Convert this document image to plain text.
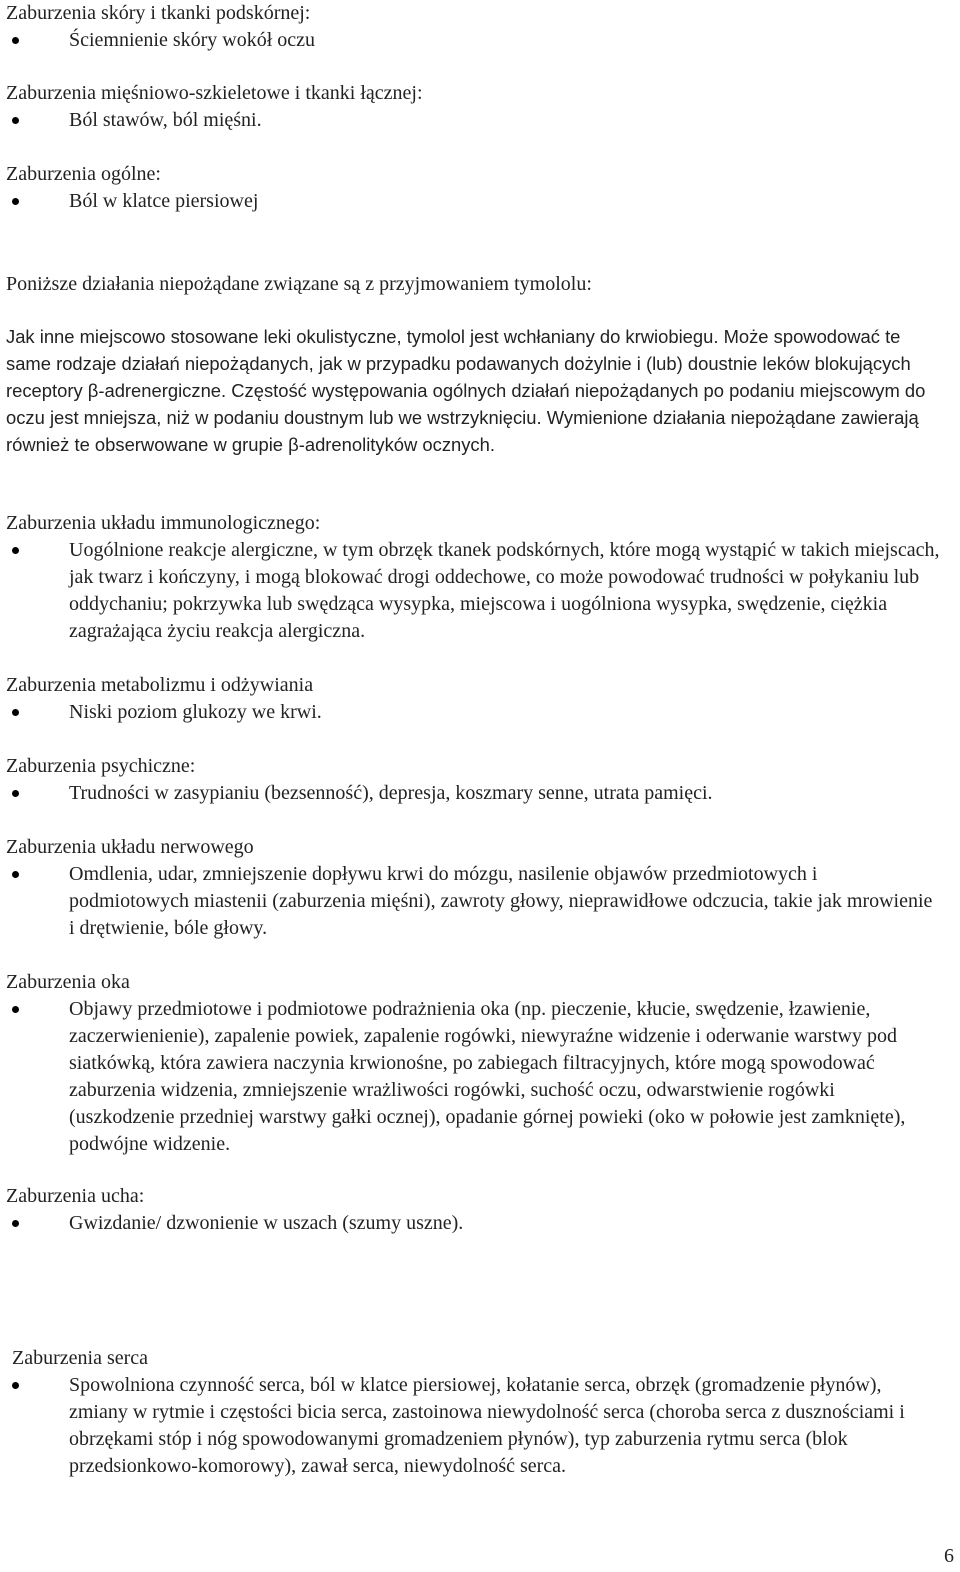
Zaburzenia skóry i tkanki podskórnej:

Ściemnienie skóry wokół oczu

Zaburzenia mięśniowo-szkieletowe i tkanki łącznej:

Ból stawów, ból mięśni.

Zaburzenia ogólne:

Ból w klatce piersiowej

Poniższe działania niepożądane związane są z przyjmowaniem tymololu:

Jak inne miejscowo stosowane leki okulistyczne, tymolol jest wchłaniany do krwiobiegu. Może spowodować te same rodzaje działań niepożądanych, jak w przypadku podawanych dożylnie i (lub) doustnie leków blokujących receptory β-adrenergiczne. Częstość występowania ogólnych działań niepożądanych po podaniu miejscowym do oczu jest mniejsza, niż w podaniu doustnym lub we wstrzyknięciu. Wymienione działania niepożądane zawierają również te obserwowane w grupie β-adrenolityków ocznych.

Zaburzenia układu immunologicznego:

Uogólnione reakcje alergiczne, w tym obrzęk tkanek podskórnych, które mogą wystąpić w takich miejscach, jak twarz i kończyny, i mogą blokować drogi oddechowe, co może powodować trudności w połykaniu lub oddychaniu; pokrzywka lub swędząca wysypka, miejscowa i uogólniona wysypka, swędzenie, ciężkia zagrażająca życiu reakcja alergiczna.

Zaburzenia metabolizmu i odżywiania

Niski poziom glukozy we krwi.

Zaburzenia psychiczne:

Trudności w zasypianiu (bezsenność), depresja, koszmary senne, utrata pamięci.

Zaburzenia układu nerwowego

Omdlenia, udar, zmniejszenie dopływu krwi do mózgu, nasilenie objawów przedmiotowych i podmiotowych miastenii (zaburzenia mięśni), zawroty głowy, nieprawidłowe odczucia, takie jak mrowienie i drętwienie, bóle głowy.

Zaburzenia oka

Objawy przedmiotowe i podmiotowe podrażnienia oka (np. pieczenie, kłucie, swędzenie, łzawienie, zaczerwienienie), zapalenie powiek, zapalenie rogówki, niewyraźne widzenie i oderwanie warstwy pod siatkówką, która zawiera naczynia krwionośne, po zabiegach filtracyjnych, które mogą spowodować zaburzenia widzenia, zmniejszenie wrażliwości rogówki, suchość oczu, odwarstwienie rogówki (uszkodzenie przedniej warstwy gałki ocznej), opadanie górnej powieki (oko w połowie jest zamknięte), podwójne widzenie.

Zaburzenia ucha:

Gwizdanie/ dzwonienie w uszach (szumy uszne).

Zaburzenia serca

Spowolniona czynność serca, ból w klatce piersiowej, kołatanie serca, obrzęk (gromadzenie płynów), zmiany w rytmie i częstości bicia serca, zastoinowa niewydolność serca (choroba serca z dusznościami i obrzękami stóp i nóg spowodowanymi gromadzeniem płynów), typ zaburzenia rytmu serca (blok przedsionkowo-komorowy), zawał serca, niewydolność serca.
6
